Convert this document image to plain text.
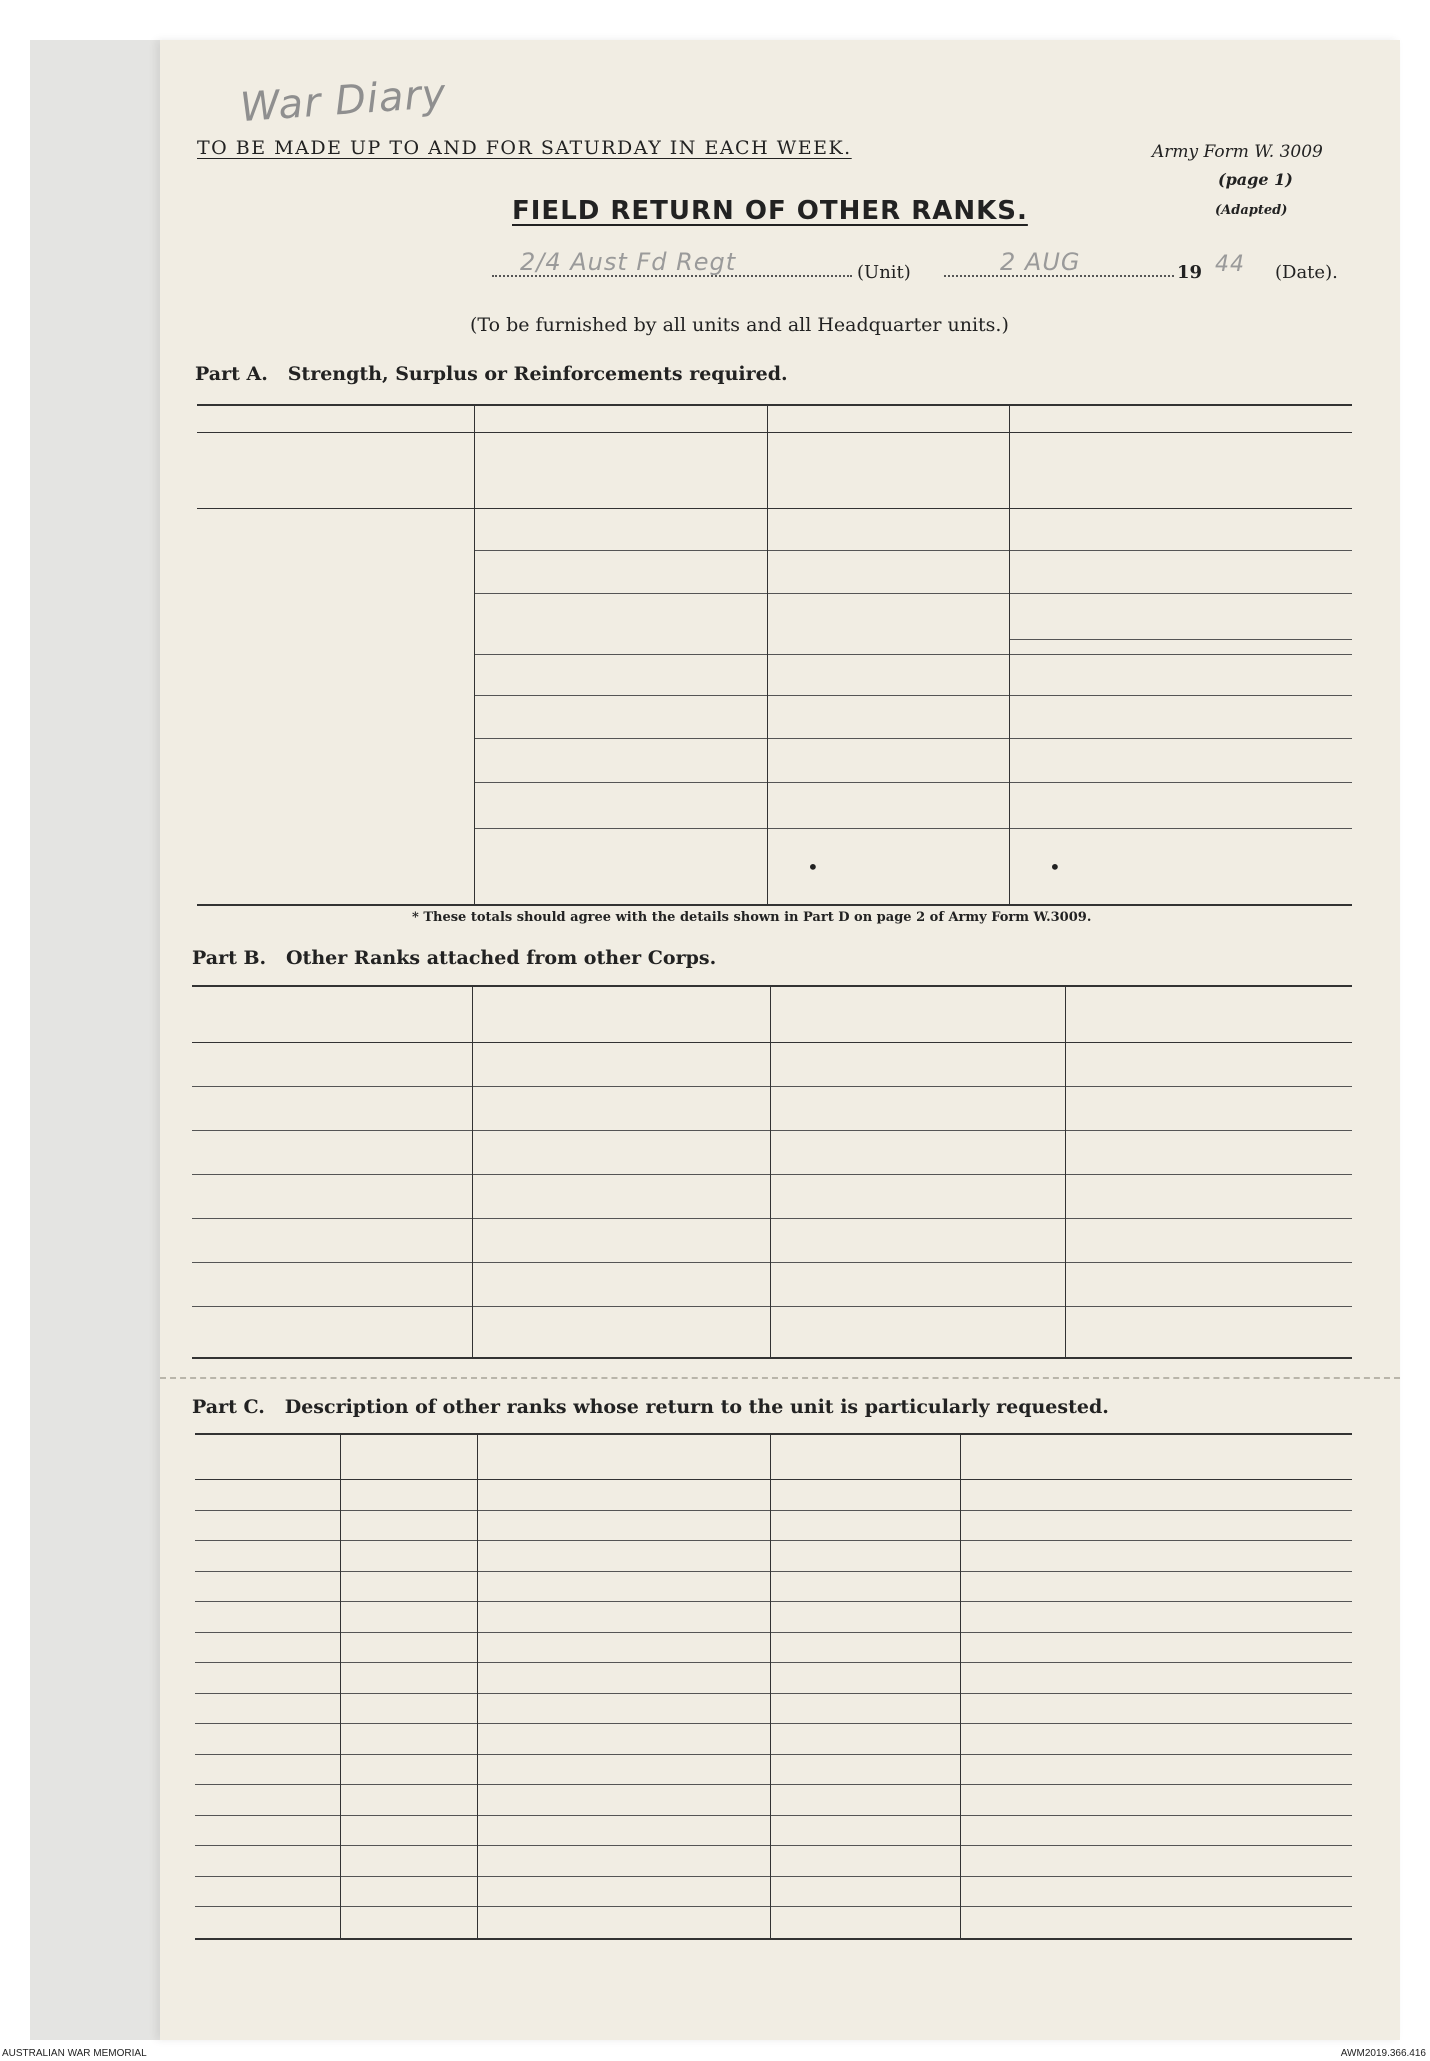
War Diary
TO BE MADE UP TO AND FOR SATURDAY IN EACH WEEK.	Army Form W. 3009
(page 1)
(Adapted)
FIELD RETURN OF OTHER RANKS.
2/4 Aust Fd Regt	(Unit)	2 AUG	19 44 (Date).
(To be furnished by all units and all Headquarter units.)
Part A.   Strength, Surplus or Reinforcements required.
•	•
* These totals should agree with the details shown in Part D on page 2 of Army Form W.3009.
Part B.   Other Ranks attached from other Corps.
Part C.   Description of other ranks whose return to the unit is particularly requested.
AUSTRALIAN WAR MEMORIAL	AWM2019.366.416
